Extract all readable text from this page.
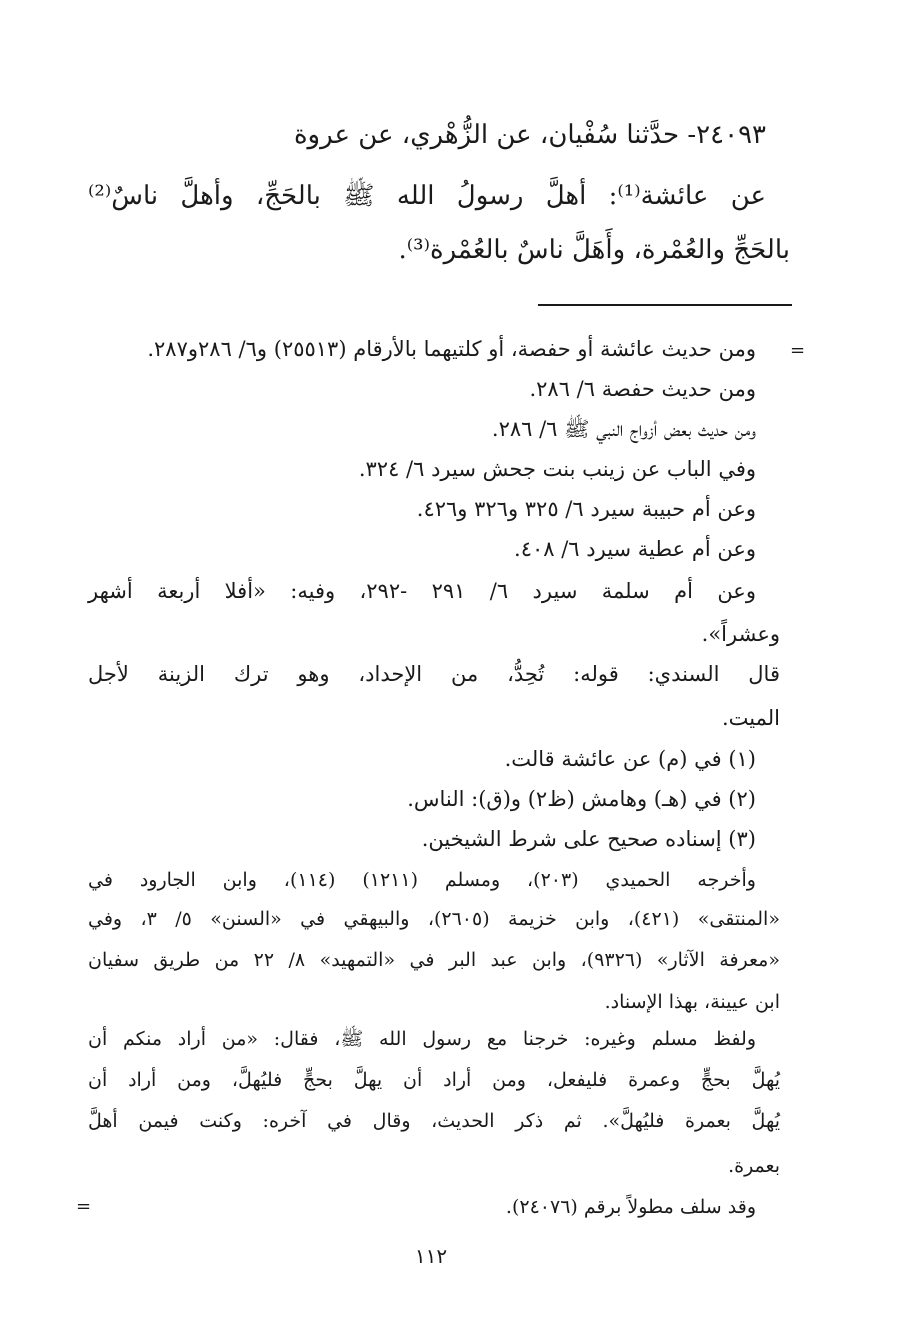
٢٤٠٩٣- حدَّثنا سُفْيان، عن الزُّهْري، عن عروة
عن عائشة⁽¹⁾: أهلَّ رسولُ الله ﷺ بالحَجِّ، وأهلَّ ناسٌ⁽²⁾
بالحَجِّ والعُمْرة، وأَهَلَّ ناسٌ بالعُمْرة⁽³⁾.
=
=
ومن حديث عائشة أو حفصة، أو كلتيهما بالأرقام (٢٥٥١٣) و٦/ ٢٨٦و٢٨٧.
ومن حديث حفصة ٦/ ٢٨٦.
ومن حديث بعض أزواج النبي ﷺ ٦/ ٢٨٦.
وفي الباب عن زينب بنت جحش سيرد ٦/ ٣٢٤.
وعن أم حبيبة سيرد ٦/ ٣٢٥ و٣٢٦ و٤٢٦.
وعن أم عطية سيرد ٦/ ٤٠٨.
وعن أم سلمة سيرد ٦/ ٢٩١ -٢٩٢، وفيه: «أفلا أربعة أشهر
وعشراً».
قال السندي: قوله: تُحِدُّ، من الإحداد، وهو ترك الزينة لأجل
الميت.
(١) في (م) عن عائشة قالت.
(٢) في (هـ) وهامش (ظ٢) و(ق): الناس.
(٣) إسناده صحيح على شرط الشيخين.
وأخرجه الحميدي (٢٠٣)، ومسلم (١٢١١) (١١٤)، وابن الجارود في
«المنتقى» (٤٢١)، وابن خزيمة (٢٦٠٥)، والبيهقي في «السنن» ٥/ ٣، وفي
«معرفة الآثار» (٩٣٢٦)، وابن عبد البر في «التمهيد» ٨/ ٢٢ من طريق سفيان
ابن عيينة، بهذا الإسناد.
ولفظ مسلم وغيره: خرجنا مع رسول الله ﷺ، فقال: «من أراد منكم أن
يُهلَّ بحجٍّ وعمرة فليفعل، ومن أراد أن يهلَّ بحجٍّ فليُهلَّ، ومن أراد أن
يُهلَّ بعمرة فليُهلَّ». ثم ذكر الحديث، وقال في آخره: وكنت فيمن أهلَّ
بعمرة.
وقد سلف مطولاً برقم (٢٤٠٧٦).
١١٢
